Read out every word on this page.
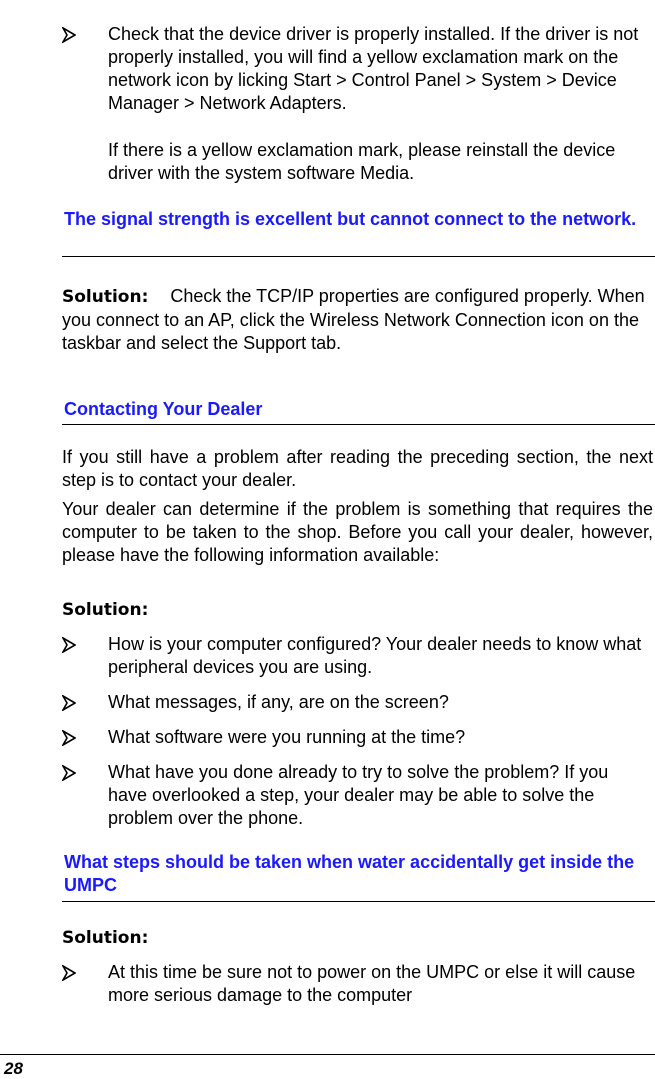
Check that the device driver is properly installed. If the driver is not properly installed, you will find a yellow exclamation mark on the network icon by licking Start > Control Panel > System > Device Manager > Network Adapters.
If there is a yellow exclamation mark, please reinstall the device driver with the system software Media.
The signal strength is excellent but cannot connect to the network.
Solution: Check the TCP/IP properties are configured properly. When you connect to an AP, click the Wireless Network Connection icon on the taskbar and select the Support tab.
Contacting Your Dealer
If you still have a problem after reading the preceding section, the next step is to contact your dealer.
Your dealer can determine if the problem is something that requires the computer to be taken to the shop. Before you call your dealer, however, please have the following information available:
Solution:
How is your computer configured? Your dealer needs to know what peripheral devices you are using.
What messages, if any, are on the screen?
What software were you running at the time?
What have you done already to try to solve the problem? If you have overlooked a step, your dealer may be able to solve the problem over the phone.
What steps should be taken when water accidentally get inside the UMPC
Solution:
At this time be sure not to power on the UMPC or else it will cause more serious damage to the computer
28
